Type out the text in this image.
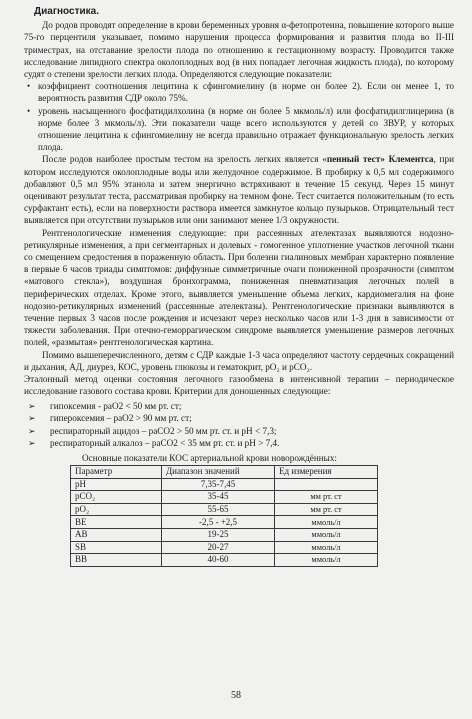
Диагностика.

До родов проводят определение в крови беременных уровня α-фетопротеина, повышение которого выше 75-го перцентиля указывает, помимо нарушения процесса формирования и развития плода во II-III триместрах, на отставание зрелости плода по отношению к гестационному возрасту. Проводится также исследование липидного спектра околоплодных вод (в них попадает легочная жидкость плода), по которому судят о степени зрелости легких плода. Определяются следующие показатели:

• коэффициент соотношения лецитина к сфингомиелину (в норме он более 2). Если он менее 1, то вероятность развития СДР около 75%.
• уровень насыщенного фосфатидилхолина (в норме он более 5 мкмоль/л) или фосфатидилглицерина (в норме более 3 мкмоль/л). Эти показатели чаще всего используются у детей со ЗВУР, у которых отношение лецитина к сфингомиелину не всегда правильно отражает функциональную зрелость легких плода.

После родов наиболее простым тестом на зрелость легких является «пенный тест» Клементса, при котором исследуются околоплодные воды или желудочное содержимое. В пробирку к 0,5 мл содержимого добавляют 0,5 мл 95% этанола и затем энергично встряхивают в течение 15 секунд. Через 15 минут оценивают результат теста, рассматривая пробирку на темном фоне. Тест считается положительным (то есть сурфактант есть), если на поверхности раствора имеется замкнутое кольцо пузырьков. Отрицательный тест выявляется при отсутствии пузырьков или они занимают менее 1/3 окружности.

Рентгенологические изменения следующие: при рассеянных ателектазах выявляются нодозно-ретикулярные изменения, а при сегментарных и долевых - гомогенное уплотнение участков легочной ткани со смещением средостения в пораженную область. При болезни гиалиновых мембран характерно появление в первые 6 часов триады симптомов: диффузные симметричные очаги пониженной прозрачности (симптом «матового стекла»), воздушная бронхограмма, пониженная пневматизация легочных полей в периферических отделах. Кроме этого, выявляется уменьшение объема легких, кардиомегалия на фоне нодозно-ретикулярных изменений (рассеянные ателектазы). Рентгенологические признаки выявляются в течение первых 3 часов после рождения и исчезают через несколько часов или 1-3 дня в зависимости от тяжести заболевания. При отечно-геморрагическом синдроме выявляется уменьшение размеров легочных полей, «размытая» рентгенологическая картина.

Помимо вышеперечисленного, детям с СДР каждые 1-3 часа определяют частоту сердечных сокращений и дыхания, АД, диурез, КОС, уровень глюкозы и гематокрит, pO₂ и pCO₂.

Эталонный метод оценки состояния легочного газообмена в интенсивной терапии – периодическое исследование газового состава крови. Критерии для доношенных следующие:

➢ гипоксемия - paО2 < 50 мм рт. ст;
➢ гипероксемия – paО2 > 90 мм рт. ст;
➢ респираторный ацидоз – paСО2 > 50 мм рт. ст. и pH < 7,3;
➢ респираторный алкалоз – paСО2 < 35 мм рт. ст. и pH > 7,4.
Основные показатели КОС артериальной крови новорождённых:
Параметр	Диапазон значений	Ед измерения
pH	7,35-7,45	
pCO₂	35-45	мм рт. ст
pO₂	55-65	мм рт. ст
BE	-2,5 - +2,5	ммоль/л
AB	19-25	ммоль/л
SB	20-27	ммоль/л
BB	40-60	ммоль/л
58
